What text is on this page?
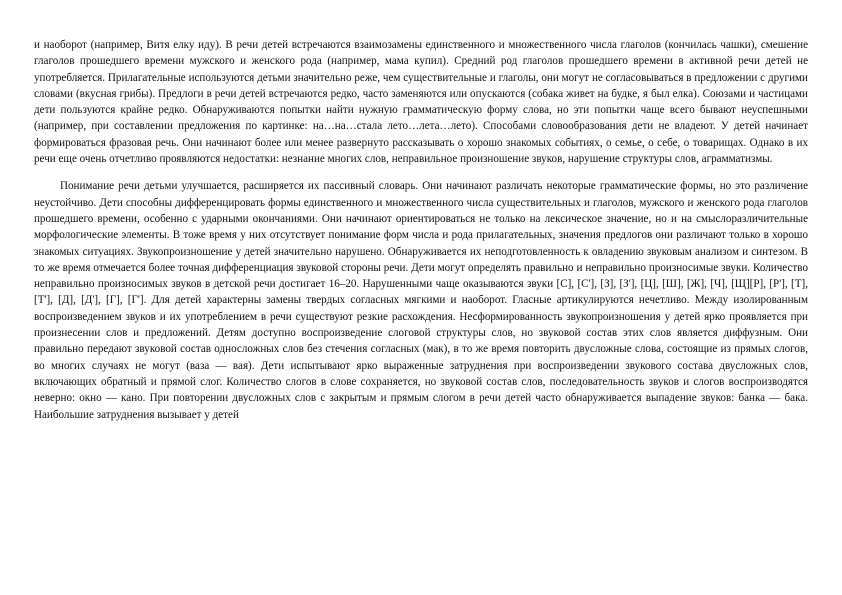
и наоборот (например, Витя елку иду). В речи детей встречаются взаимозамены единственного и множественного числа глаголов (кончилась чашки), смешение глаголов прошедшего времени мужского и женского рода (например, мама купил). Средний род глаголов прошедшего времени в активной речи детей не употребляется. Прилагательные используются детьми значительно реже, чем существительные и глаголы, они могут не согласовываться в предложении с другими словами (вкусная грибы). Предлоги в речи детей встречаются редко, часто заменяются или опускаются (собака живет на будке, я был елка). Союзами и частицами дети пользуются крайне редко. Обнаруживаются попытки найти нужную грамматическую форму слова, но эти попытки чаще всего бывают неуспешными (например, при составлении предложения по картинке: на…на…стала лето…лета…лето). Способами словообразования дети не владеют. У детей начинает формироваться фразовая речь. Они начинают более или менее развернуто рассказывать о хорошо знакомых событиях, о семье, о себе, о товарищах. Однако в их речи еще очень отчетливо проявляются недостатки: незнание многих слов, неправильное произношение звуков, нарушение структуры слов, аграмматизмы.

Понимание речи детьми улучшается, расширяется их пассивный словарь. Они начинают различать некоторые грамматические формы, но это различение неустойчиво. Дети способны дифференцировать формы единственного и множественного числа существительных и глаголов, мужского и женского рода глаголов прошедшего времени, особенно с ударными окончаниями. Они начинают ориентироваться не только на лексическое значение, но и на смыслоразличительные морфологические элементы. В тоже время у них отсутствует понимание форм числа и рода прилагательных, значения предлогов они различают только в хорошо знакомых ситуациях. Звукопроизношение у детей значительно нарушено. Обнаруживается их неподготовленность к овладению звуковым анализом и синтезом. В то же время отмечается более точная дифференциация звуковой стороны речи. Дети могут определять правильно и неправильно произносимые звуки. Количество неправильно произносимых звуков в детской речи достигает 16–20. Нарушенными чаще оказываются звуки [С], [С'], [З], [З'], [Ц], [Ш], [Ж], [Ч], [Щ][Р], [Р'], [Т], [Т'], [Д], [Д'], [Г], [Г']. Для детей характерны замены твердых согласных мягкими и наоборот. Гласные артикулируются нечетливо. Между изолированным воспроизведением звуков и их употреблением в речи существуют резкие расхождения. Несформированность звукопроизношения у детей ярко проявляется при произнесении слов и предложений. Детям доступно воспроизведение слоговой структуры слов, но звуковой состав этих слов является диффузным. Они правильно передают звуковой состав односложных слов без стечения согласных (мак), в то же время повторить двусложные слова, состоящие из прямых слогов, во многих случаях не могут (ваза — вая). Дети испытывают ярко выраженные затруднения при воспроизведении звукового состава двусложных слов, включающих обратный и прямой слог. Количество слогов в слове сохраняется, но звуковой состав слов, последовательность звуков и слогов воспроизводятся неверно: окно — кано. При повторении двусложных слов с закрытым и прямым слогом в речи детей часто обнаруживается выпадение звуков: банка — бака. Наибольшие затруднения вызывает у детей
